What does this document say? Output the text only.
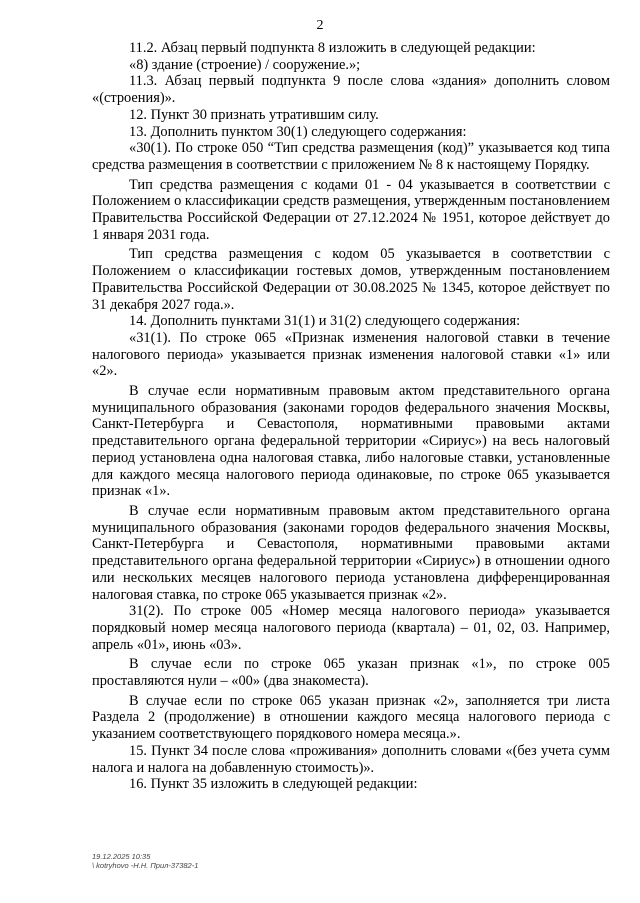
2

11.2. Абзац первый подпункта 8 изложить в следующей редакции:

«8) здание (строение) / сооружение.»;

11.3. Абзац первый подпункта 9 после слова «здания» дополнить словом «(строения)».

12. Пункт 30 признать утратившим силу.

13. Дополнить пунктом 30(1) следующего содержания:

«30(1). По строке 050 “Тип средства размещения (код)” указывается код типа средства размещения в соответствии с приложением № 8 к настоящему Порядку.

Тип средства размещения с кодами 01 - 04 указывается в соответствии с Положением о классификации средств размещения, утвержденным постановлением Правительства Российской Федерации от 27.12.2024 № 1951, которое действует до 1 января 2031 года.

Тип средства размещения с кодом 05 указывается в соответствии с Положением о классификации гостевых домов, утвержденным постановлением Правительства Российской Федерации от 30.08.2025 № 1345, которое действует по 31 декабря 2027 года.».

14. Дополнить пунктами 31(1) и 31(2) следующего содержания:

«31(1). По строке 065 «Признак изменения налоговой ставки в течение налогового периода» указывается признак изменения налоговой ставки «1» или «2».

В случае если нормативным правовым актом представительного органа муниципального образования (законами городов федерального значения Москвы, Санкт-Петербурга и Севастополя, нормативными правовыми актами представительного органа федеральной территории «Сириус») на весь налоговый период установлена одна налоговая ставка, либо налоговые ставки, установленные для каждого месяца налогового периода одинаковые, по строке 065 указывается признак «1».

В случае если нормативным правовым актом представительного органа муниципального образования (законами городов федерального значения Москвы, Санкт-Петербурга и Севастополя, нормативными правовыми актами представительного органа федеральной территории «Сириус») в отношении одного или нескольких месяцев налогового периода установлена дифференцированная налоговая ставка, по строке 065 указывается признак «2».

31(2). По строке 005 «Номер месяца налогового периода» указывается порядковый номер месяца налогового периода (квартала) – 01, 02, 03. Например, апрель «01», июнь «03».

В случае если по строке 065 указан признак «1», по строке 005 проставляются нули – «00» (два знакоместа).

В случае если по строке 065 указан признак «2», заполняется три листа Раздела 2 (продолжение) в отношении каждого месяца налогового периода с указанием соответствующего порядкового номера месяца.».

15. Пункт 34 после слова «проживания» дополнить словами «(без учета сумм налога и налога на добавленную стоимость)».

16. Пункт 35 изложить в следующей редакции:

19.12.2025 10:35
\ kotryhovo -Н.Н. Прил-37382-1
